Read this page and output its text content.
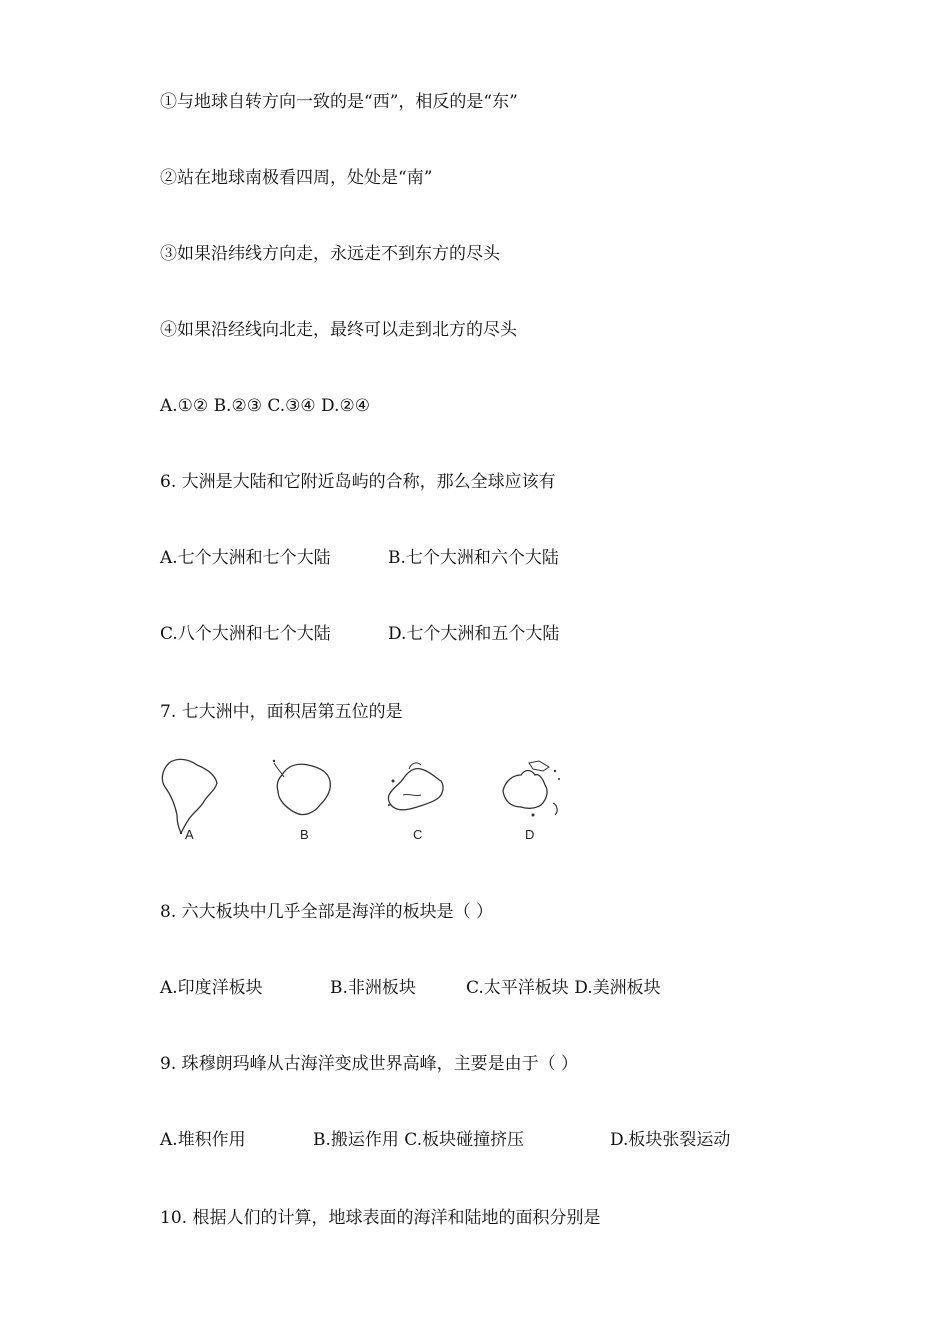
①与地球自转方向一致的是“西”，相反的是“东”
②站在地球南极看四周，处处是“南”
③如果沿纬线方向走，永远走不到东方的尽头
④如果沿经线向北走，最终可以走到北方的尽头
A.①② B.②③ C.③④ D.②④
6. 大洲是大陆和它附近岛屿的合称，那么全球应该有
A.七个大洲和七个大陆	B.七个大洲和六个大陆
C.八个大洲和七个大陆	D.七个大洲和五个大陆
7. 七大洲中，面积居第五位的是
A	B	C	D
8. 六大板块中几乎全部是海洋的板块是（ ）
A.印度洋板块	B.非洲板块	C.太平洋板块 D.美洲板块
9. 珠穆朗玛峰从古海洋变成世界高峰，主要是由于（ ）
A.堆积作用	B.搬运作用 C.板块碰撞挤压	D.板块张裂运动
10. 根据人们的计算，地球表面的海洋和陆地的面积分别是
